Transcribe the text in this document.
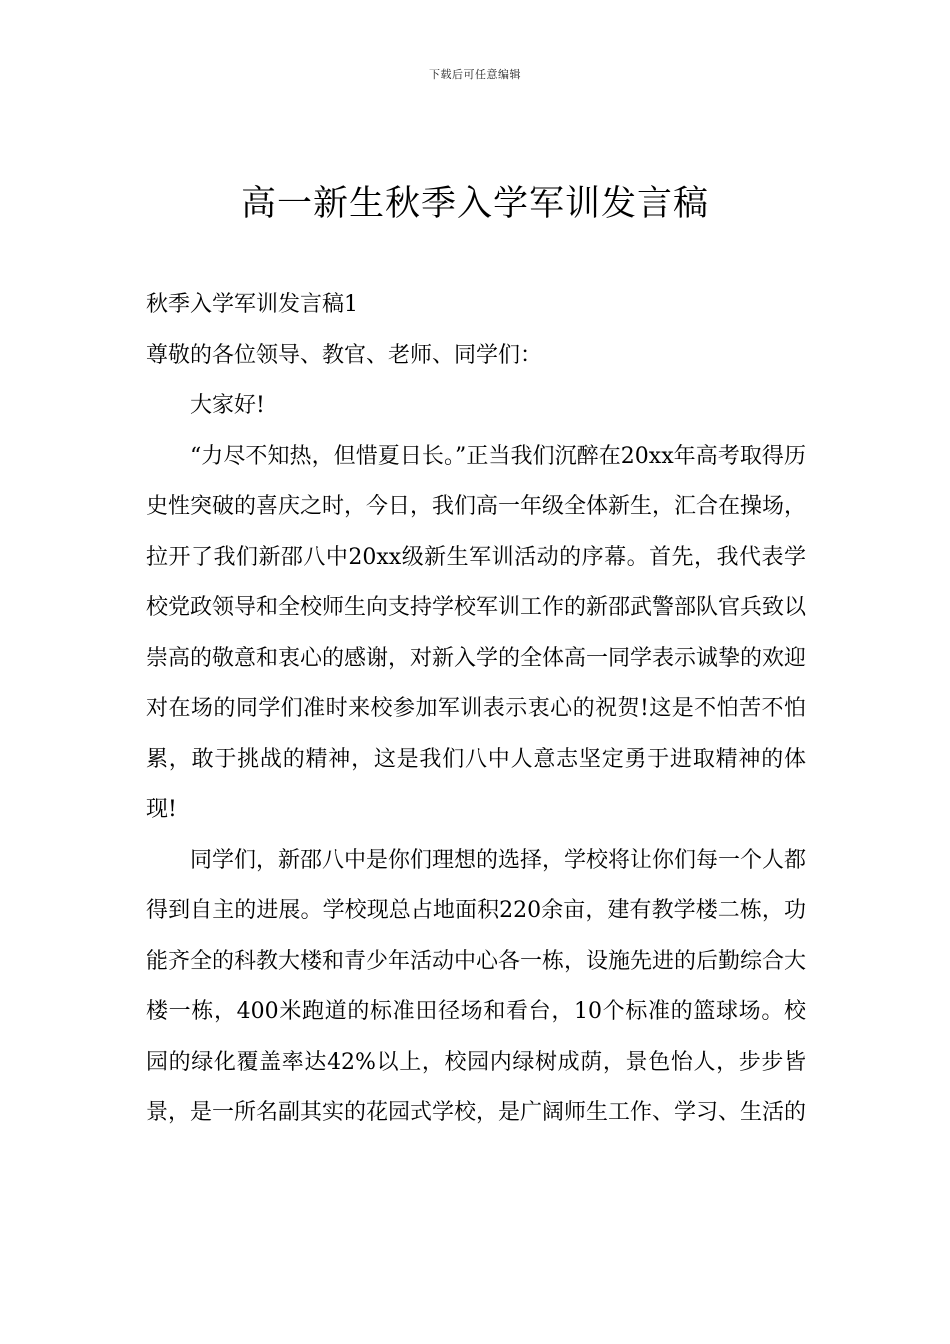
下载后可任意编辑
高一新生秋季入学军训发言稿

秋季入学军训发言稿1

尊敬的各位领导、教官、老师、同学们：

大家好!

“力尽不知热，但惜夏日长。”正当我们沉醉在20xx年高考取得历史性突破的喜庆之时，今日，我们高一年级全体新生，汇合在操场，拉开了我们新邵八中20xx级新生军训活动的序幕。首先，我代表学校党政领导和全校师生向支持学校军训工作的新邵武警部队官兵致以崇高的敬意和衷心的感谢，对新入学的全体高一同学表示诚挚的欢迎对在场的同学们准时来校参加军训表示衷心的祝贺!这是不怕苦不怕累，敢于挑战的精神，这是我们八中人意志坚定勇于进取精神的体现!

同学们，新邵八中是你们理想的选择，学校将让你们每一个人都得到自主的进展。学校现总占地面积220余亩，建有教学楼二栋，功能齐全的科教大楼和青少年活动中心各一栋，设施先进的后勤综合大楼一栋，400米跑道的标准田径场和看台，10个标准的篮球场。校园的绿化覆盖率达42%以上，校园内绿树成荫，景色怡人，步步皆景，是一所名副其实的花园式学校，是广阔师生工作、学习、生活的
